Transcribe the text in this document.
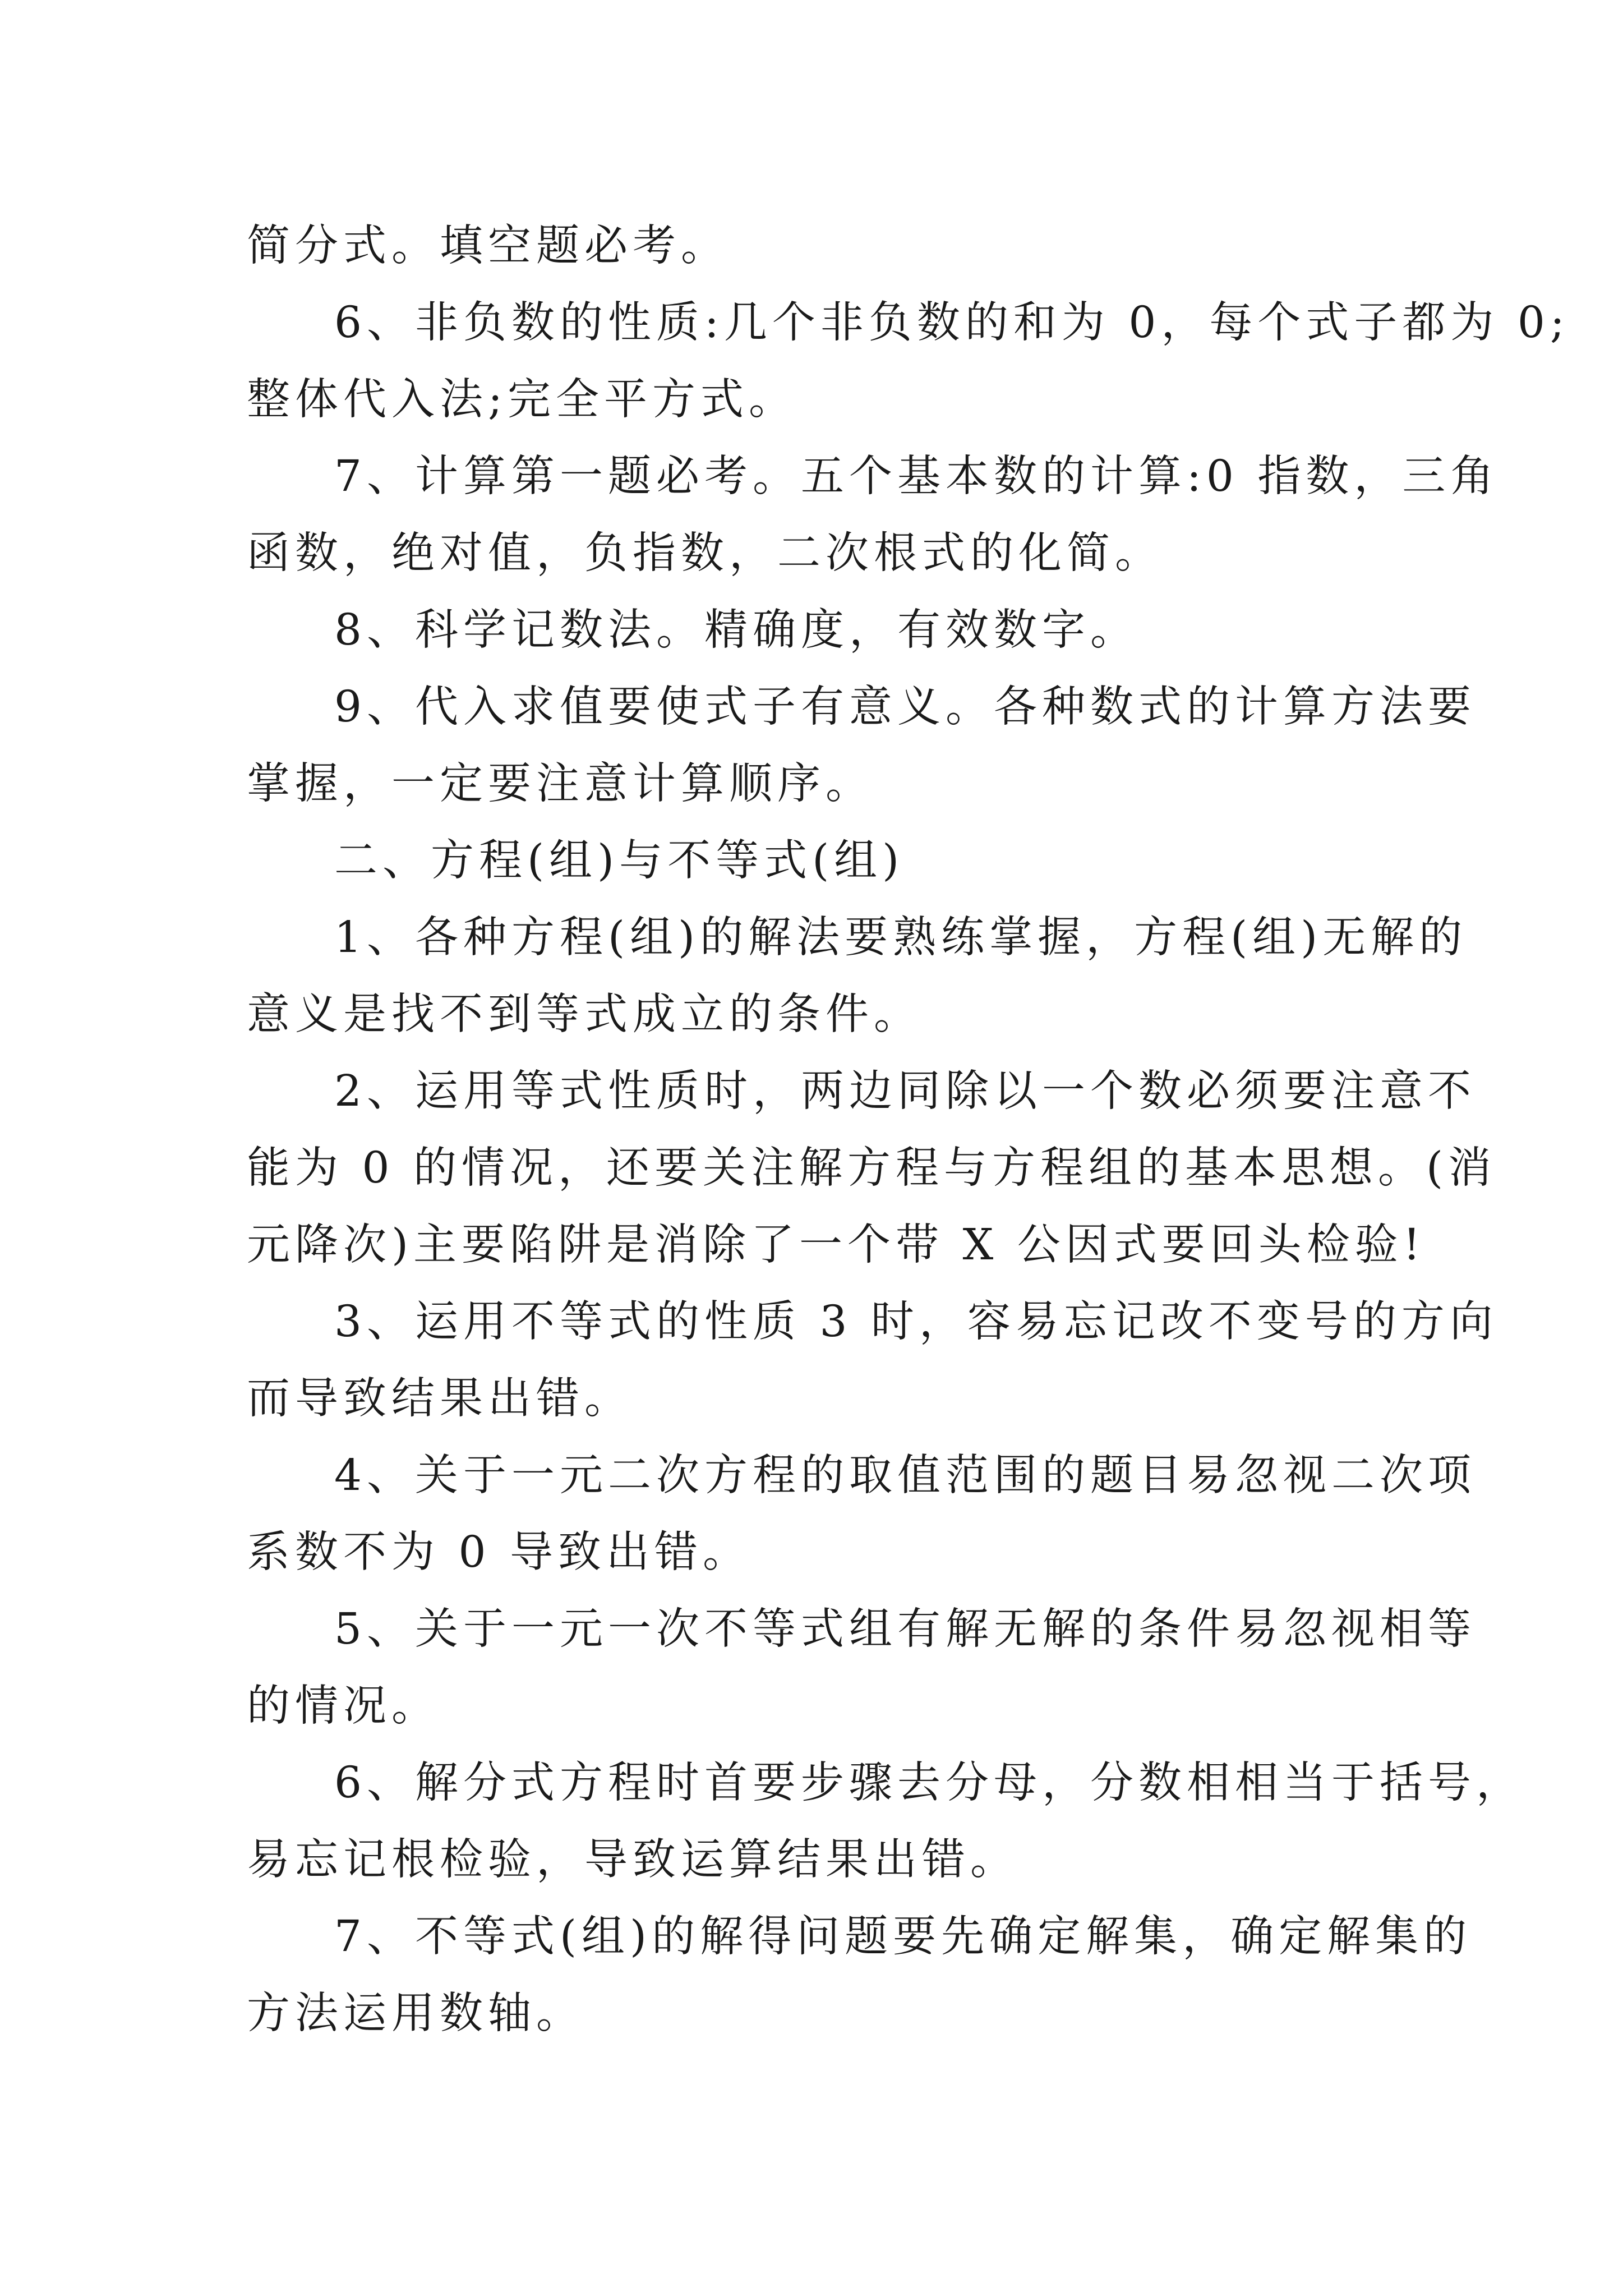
简分式。填空题必考。
6、非负数的性质:几个非负数的和为 0，每个式子都为 0;
整体代入法;完全平方式。
7、计算第一题必考。五个基本数的计算:0 指数，三角
函数，绝对值，负指数，二次根式的化简。
8、科学记数法。精确度，有效数字。
9、代入求值要使式子有意义。各种数式的计算方法要
掌握，一定要注意计算顺序。
二、方程(组)与不等式(组)
1、各种方程(组)的解法要熟练掌握，方程(组)无解的
意义是找不到等式成立的条件。
2、运用等式性质时，两边同除以一个数必须要注意不
能为 0 的情况，还要关注解方程与方程组的基本思想。(消
元降次)主要陷阱是消除了一个带 X 公因式要回头检验!
3、运用不等式的性质 3 时，容易忘记改不变号的方向
而导致结果出错。
4、关于一元二次方程的取值范围的题目易忽视二次项
系数不为 0 导致出错。
5、关于一元一次不等式组有解无解的条件易忽视相等
的情况。
6、解分式方程时首要步骤去分母，分数相相当于括号，
易忘记根检验，导致运算结果出错。
7、不等式(组)的解得问题要先确定解集，确定解集的
方法运用数轴。
